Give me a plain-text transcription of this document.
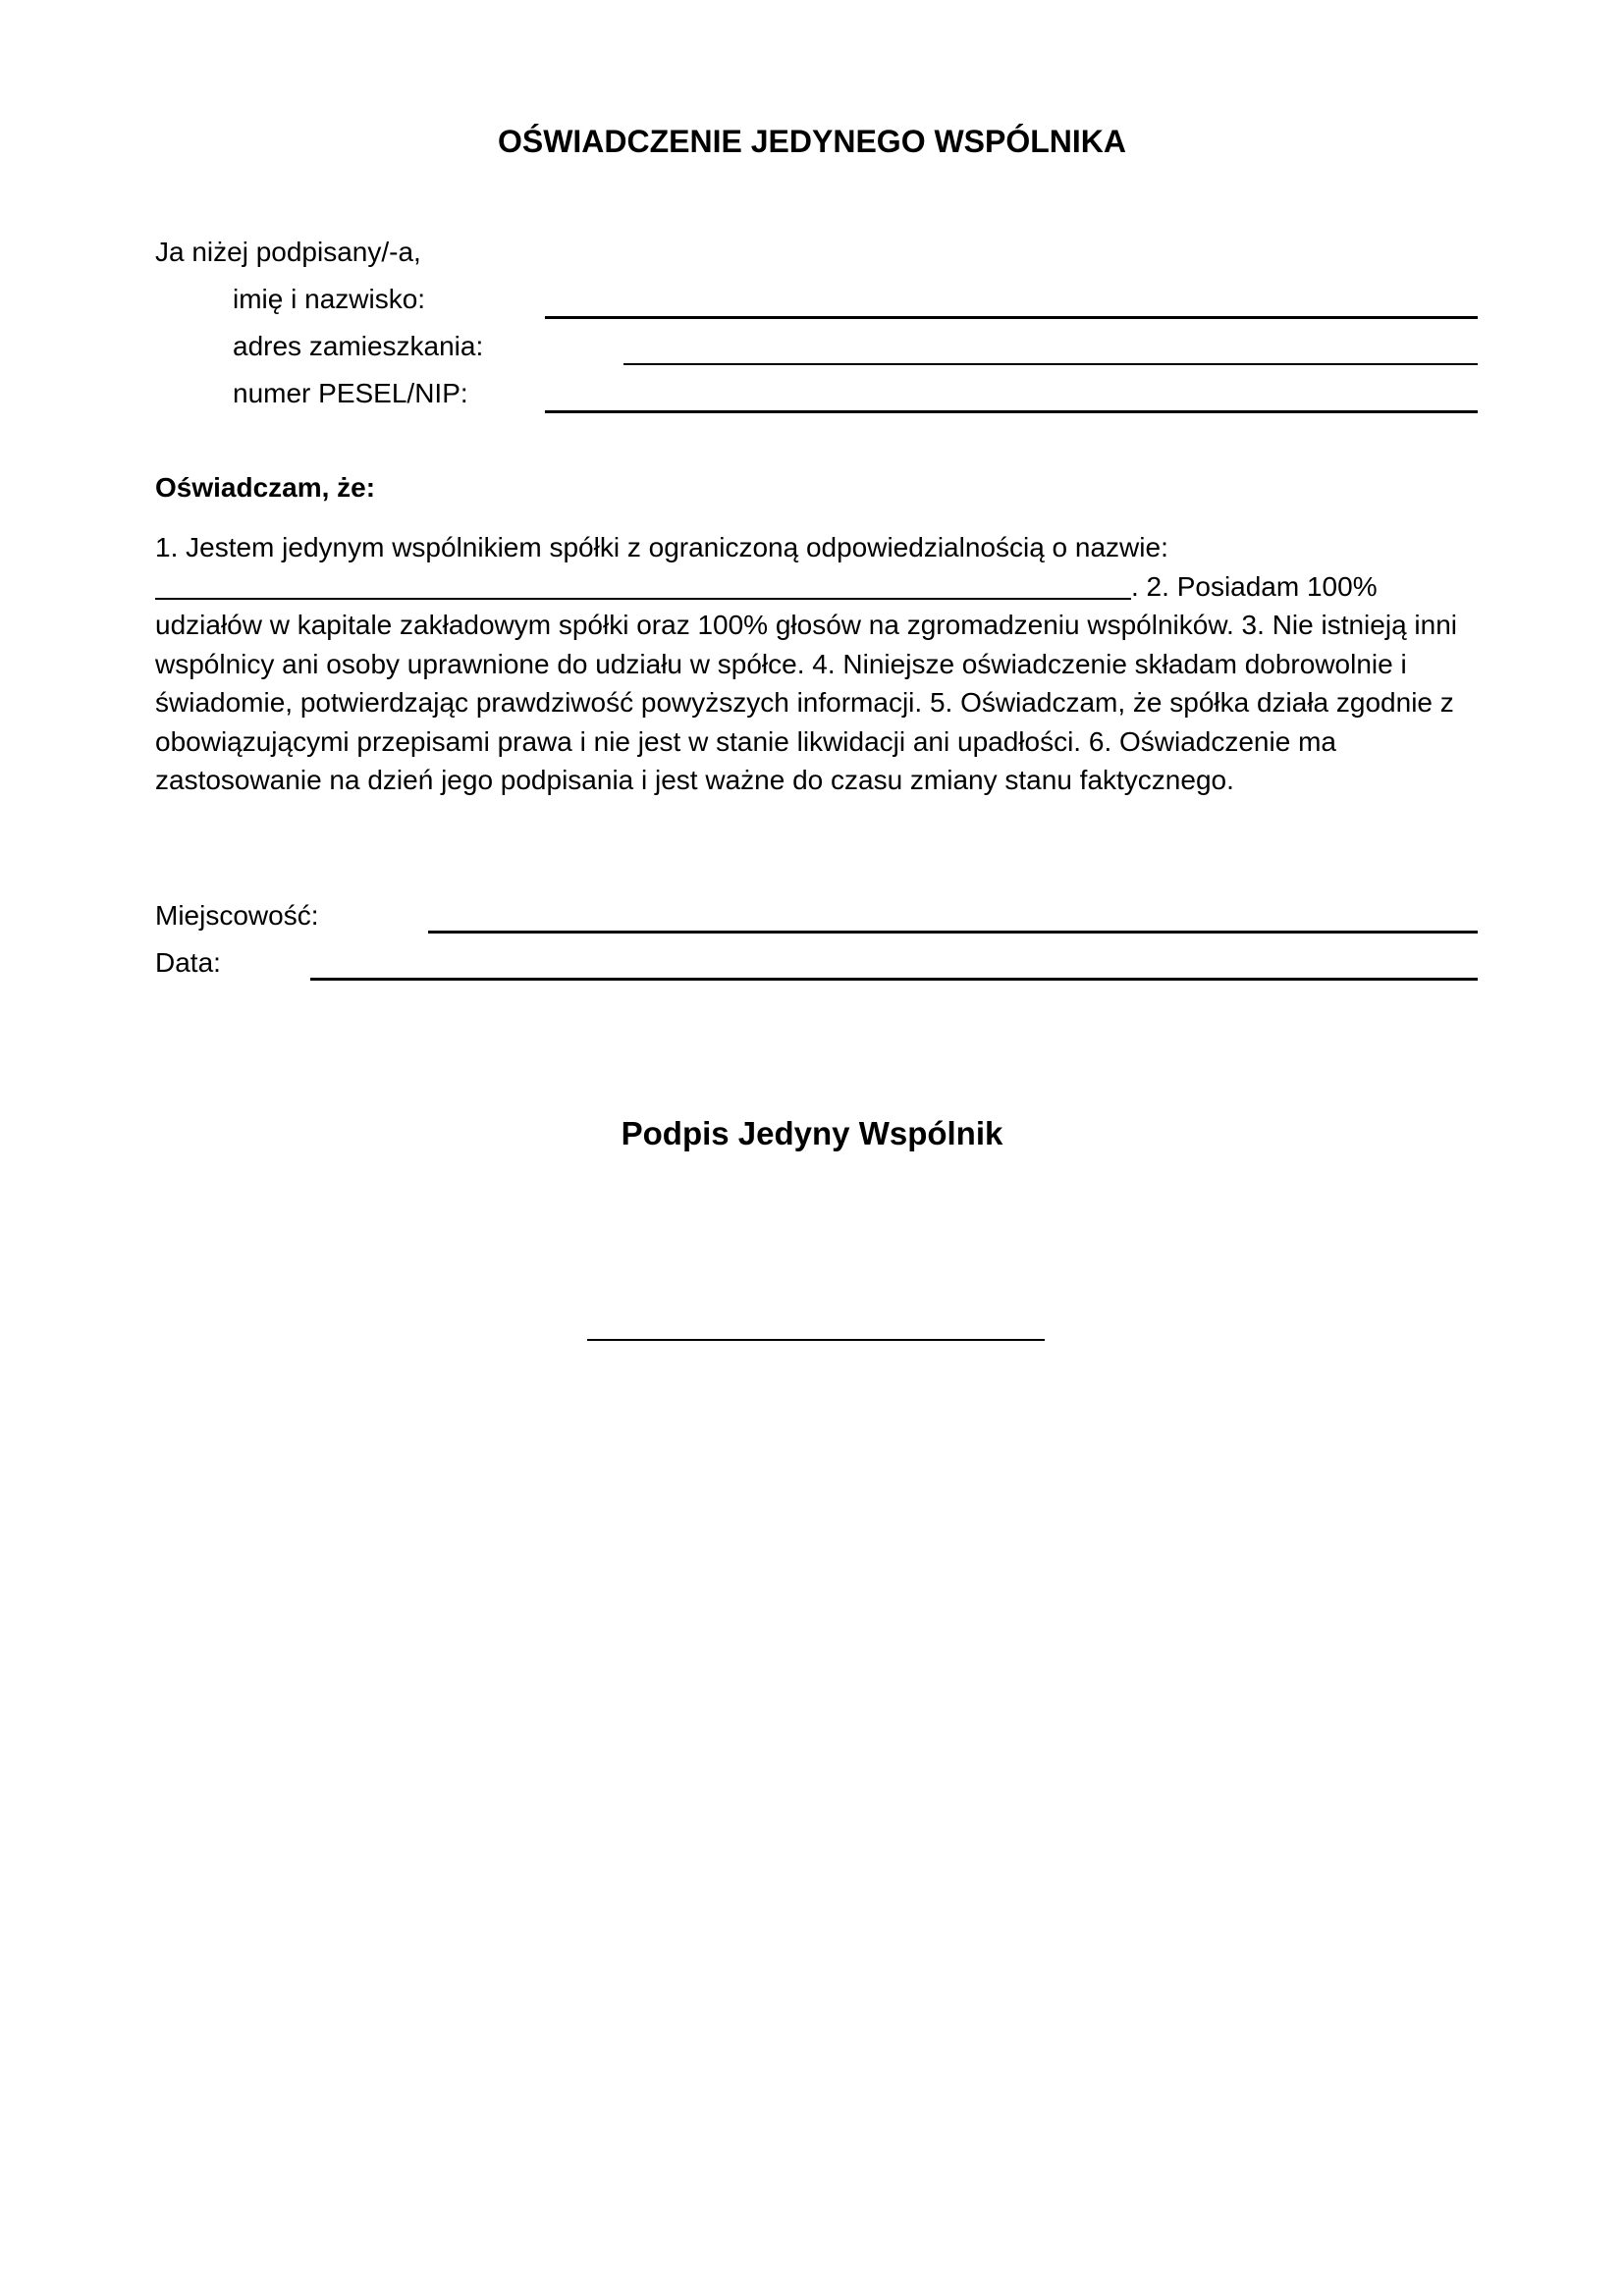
OŚWIADCZENIE JEDYNEGO WSPÓLNIKA

Ja niżej podpisany/-a,

imię i nazwisko:

adres zamieszkania:

numer PESEL/NIP:

Oświadczam, że:

1. Jestem jedynym wspólnikiem spółki z ograniczoną odpowiedzialnością o nazwie:
. 2. Posiadam 100%
udziałów w kapitale zakładowym spółki oraz 100% głosów na zgromadzeniu wspólników. 3. Nie istnieją inni
wspólnicy ani osoby uprawnione do udziału w spółce. 4. Niniejsze oświadczenie składam dobrowolnie i
świadomie, potwierdzając prawdziwość powyższych informacji. 5. Oświadczam, że spółka działa zgodnie z
obowiązującymi przepisami prawa i nie jest w stanie likwidacji ani upadłości. 6. Oświadczenie ma
zastosowanie na dzień jego podpisania i jest ważne do czasu zmiany stanu faktycznego.

Miejscowość:

Data:

Podpis Jedyny Wspólnik
